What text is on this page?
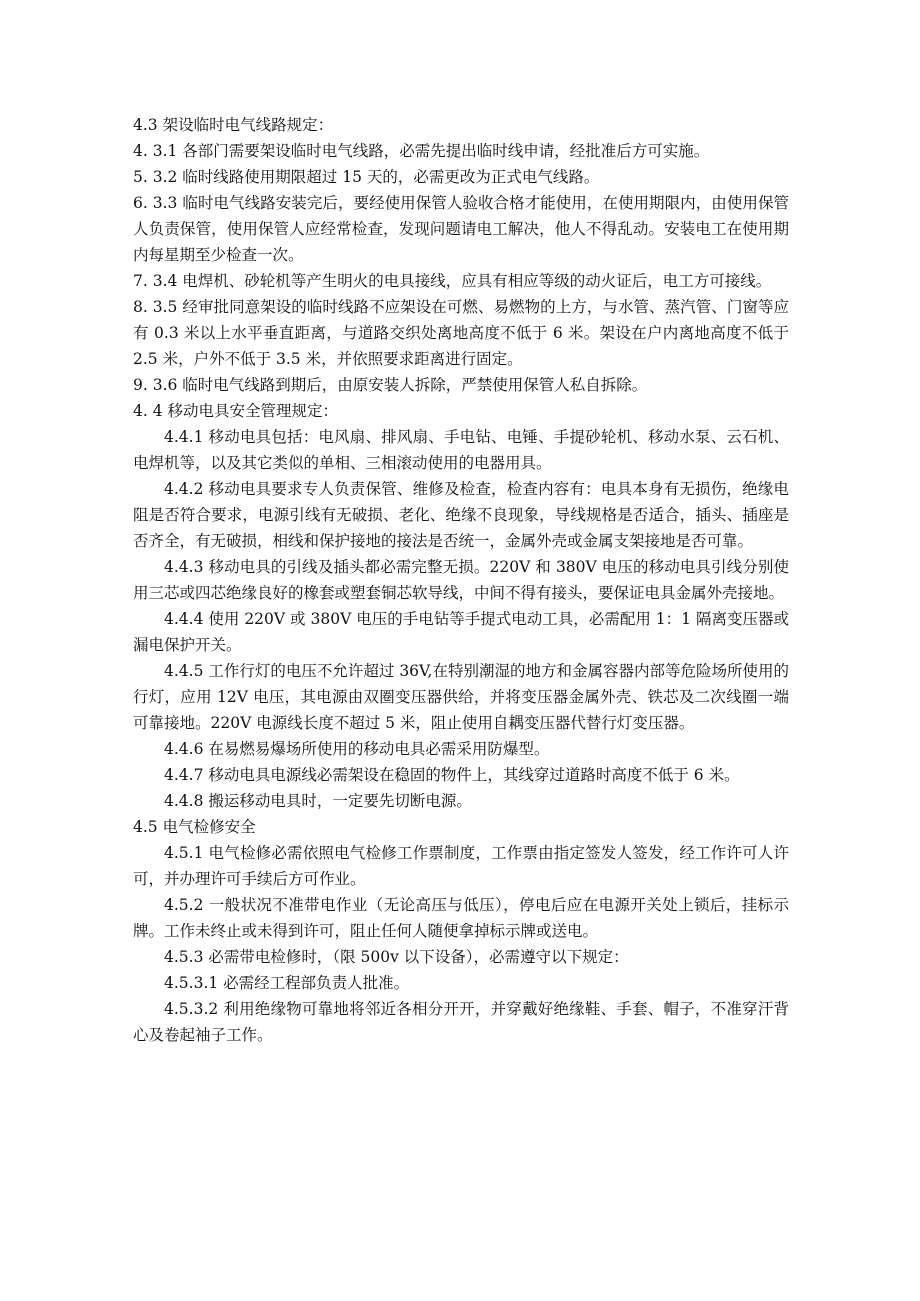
4.3 架设临时电气线路规定：

4. 3.1 各部门需要架设临时电气线路，必需先提出临时线申请，经批准后方可实施。

5. 3.2 临时线路使用期限超过 15 天的，必需更改为正式电气线路。

6. 3.3 临时电气线路安装完后，要经使用保管人验收合格才能使用，在使用期限内，由使用保管人负责保管，使用保管人应经常检查，发现问题请电工解决，他人不得乱动。安装电工在使用期内每星期至少检查一次。

7. 3.4 电焊机、砂轮机等产生明火的电具接线，应具有相应等级的动火证后，电工方可接线。

8. 3.5 经审批同意架设的临时线路不应架设在可燃、易燃物的上方，与水管、蒸汽管、门窗等应有 0.3 米以上水平垂直距离，与道路交织处离地高度不低于 6 米。架设在户内离地高度不低于 2.5 米，户外不低于 3.5 米，并依照要求距离进行固定。

9. 3.6 临时电气线路到期后，由原安装人拆除，严禁使用保管人私自拆除。

4. 4 移动电具安全管理规定：

4.4.1 移动电具包括：电风扇、排风扇、手电钻、电锤、手提砂轮机、移动水泵、云石机、电焊机等，以及其它类似的单相、三相滚动使用的电器用具。

4.4.2 移动电具要求专人负责保管、维修及检查，检查内容有：电具本身有无损伤，绝缘电阻是否符合要求，电源引线有无破损、老化、绝缘不良现象，导线规格是否适合，插头、插座是否齐全，有无破损，相线和保护接地的接法是否统一，金属外壳或金属支架接地是否可靠。

4.4.3 移动电具的引线及插头都必需完整无损。220V 和 380V 电压的移动电具引线分别使用三芯或四芯绝缘良好的橡套或塑套铜芯软导线，中间不得有接头，要保证电具金属外壳接地。

4.4.4 使用 220V 或 380V 电压的手电钻等手提式电动工具，必需配用 1：1 隔离变压器或漏电保护开关。

4.4.5 工作行灯的电压不允许超过 36V,在特别潮湿的地方和金属容器内部等危险场所使用的行灯，应用 12V 电压，其电源由双圈变压器供给，并将变压器金属外壳、铁芯及二次线圈一端可靠接地。220V 电源线长度不超过 5 米，阻止使用自耦变压器代替行灯变压器。

4.4.6 在易燃易爆场所使用的移动电具必需采用防爆型。

4.4.7 移动电具电源线必需架设在稳固的物件上，其线穿过道路时高度不低于 6 米。

4.4.8 搬运移动电具时，一定要先切断电源。

4.5 电气检修安全

4.5.1 电气检修必需依照电气检修工作票制度，工作票由指定签发人签发，经工作许可人许可，并办理许可手续后方可作业。

4.5.2 一般状况不准带电作业（无论高压与低压），停电后应在电源开关处上锁后，挂标示牌。工作未终止或未得到许可，阻止任何人随便拿掉标示牌或送电。

4.5.3 必需带电检修时，（限 500v 以下设备），必需遵守以下规定：

4.5.3.1 必需经工程部负责人批准。

4.5.3.2 利用绝缘物可靠地将邻近各相分开开，并穿戴好绝缘鞋、手套、帽子，不准穿汗背心及卷起袖子工作。
